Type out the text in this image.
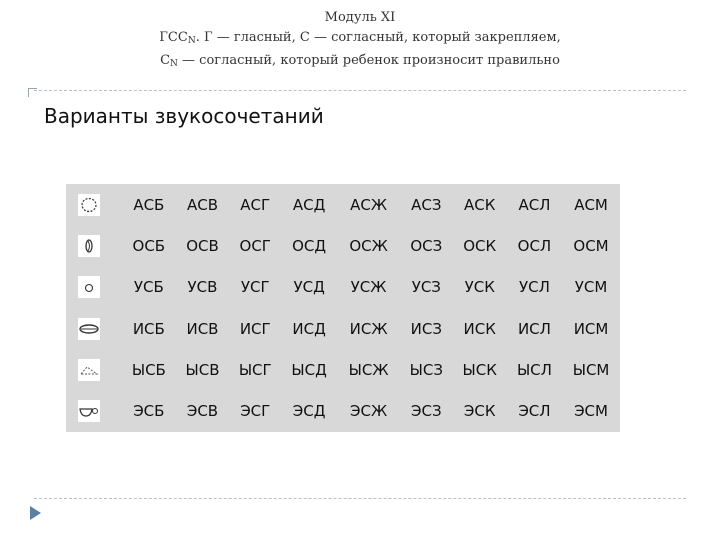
Модуль XI
$ГСС_N$. Г — гласный, С — согласный, который закрепляем,
$С_N$ — согласный, который ребенок произносит правильно
Варианты звукосочетаний
	АСБ	АСВ	АСГ	АСД	АСЖ	АСЗ	АСК	АСЛ	АСМ

	ОСБ	ОСВ	ОСГ	ОСД	ОСЖ	ОСЗ	ОСК	ОСЛ	ОСМ

	УСБ	УСВ	УСГ	УСД	УСЖ	УСЗ	УСК	УСЛ	УСМ

	ИСБ	ИСВ	ИСГ	ИСД	ИСЖ	ИСЗ	ИСК	ИСЛ	ИСМ

	ЫСБ	ЫСВ	ЫСГ	ЫСД	ЫСЖ	ЫСЗ	ЫСК	ЫСЛ	ЫСМ

	ЭСБ	ЭСВ	ЭСГ	ЭСД	ЭСЖ	ЭСЗ	ЭСК	ЭСЛ	ЭСМ
